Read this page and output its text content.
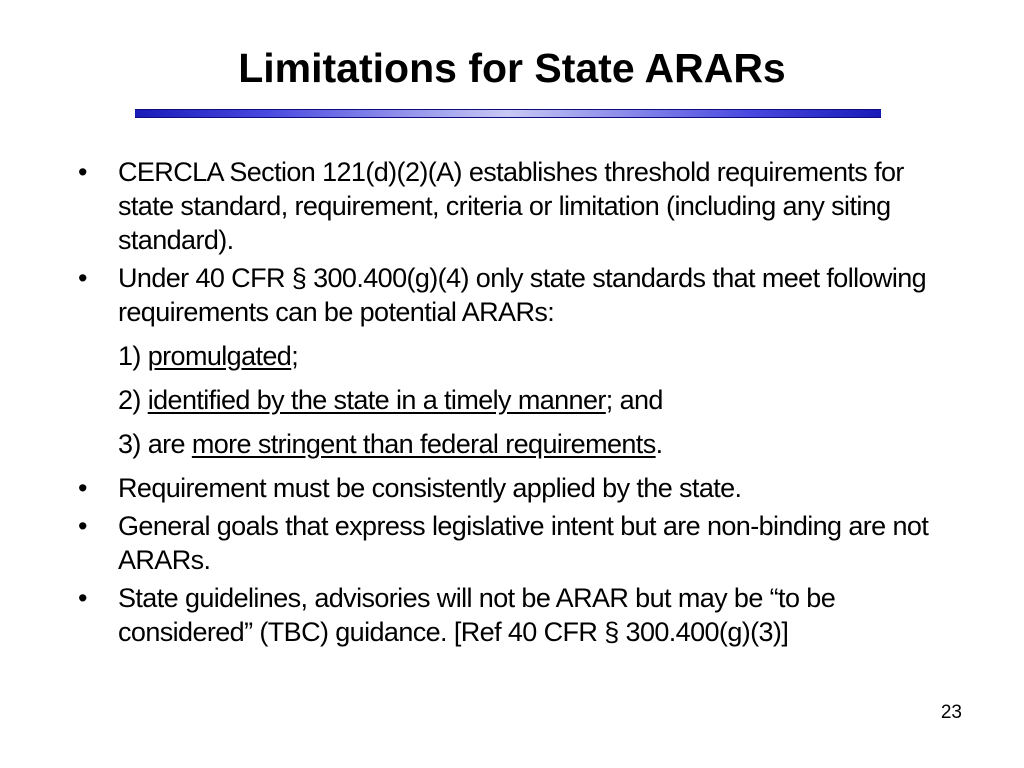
Limitations for State ARARs
• CERCLA Section 121(d)(2)(A) establishes threshold requirements for state standard, requirement, criteria or limitation (including any siting standard).
• Under 40 CFR § 300.400(g)(4) only state standards that meet following requirements can be potential ARARs:
1) promulgated;
2) identified by the state in a timely manner; and
3) are more stringent than federal requirements.
• Requirement must be consistently applied by the state.
• General goals that express legislative intent but are non-binding are not ARARs.
• State guidelines, advisories will not be ARAR but may be “to be considered” (TBC) guidance. [Ref 40 CFR § 300.400(g)(3)]
23
